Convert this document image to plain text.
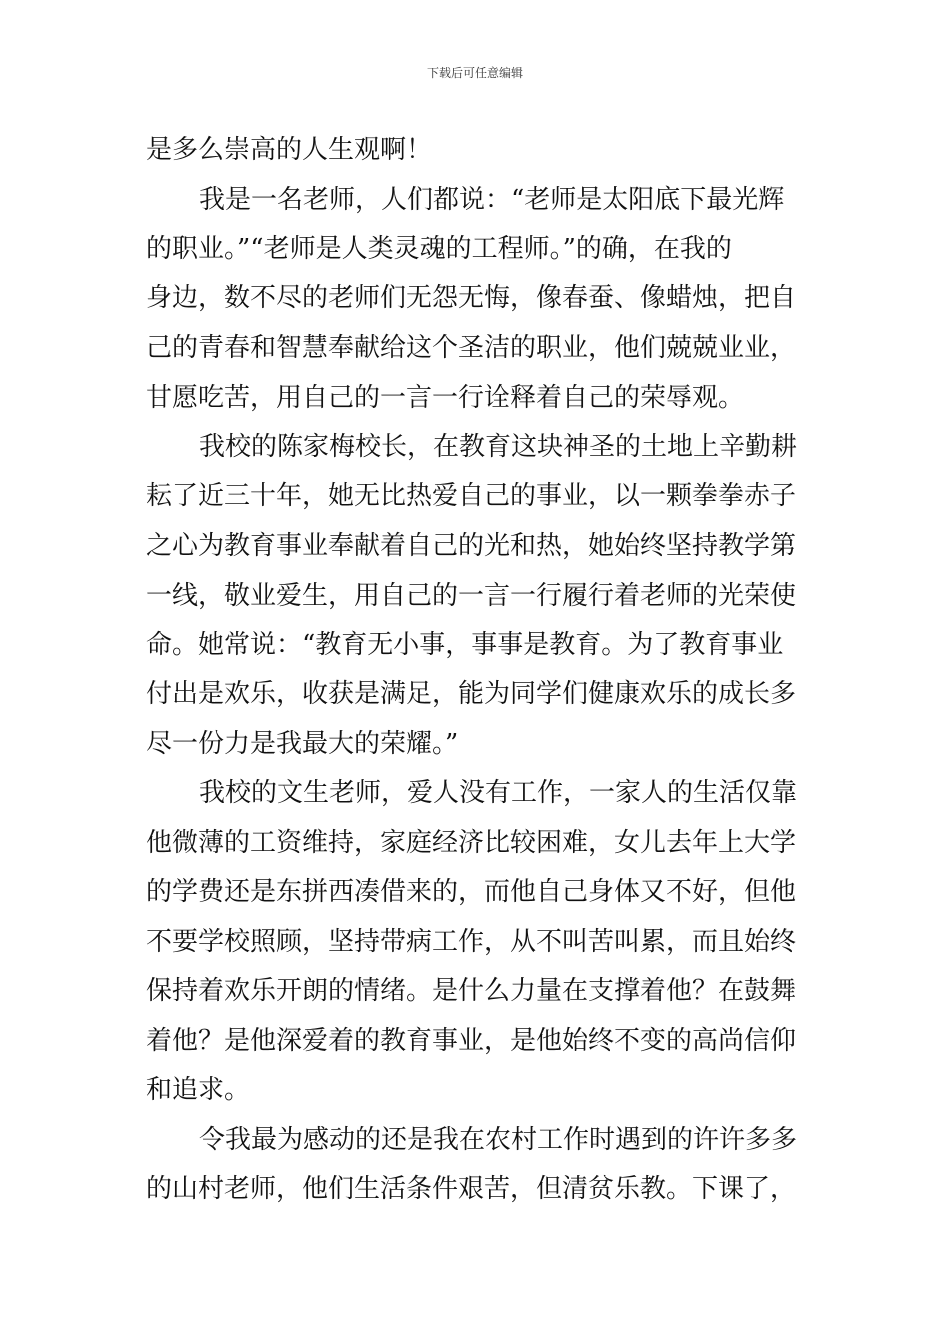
下载后可任意编辑
是多么崇高的人生观啊！
我是一名老师，人们都说：“老师是太阳底下最光辉
的职业。”“老师是人类灵魂的工程师。”的确，在我的
身边，数不尽的老师们无怨无悔，像春蚕、像蜡烛，把自
己的青春和智慧奉献给这个圣洁的职业，他们兢兢业业，
甘愿吃苦，用自己的一言一行诠释着自己的荣辱观。
我校的陈家梅校长，在教育这块神圣的土地上辛勤耕
耘了近三十年，她无比热爱自己的事业，以一颗拳拳赤子
之心为教育事业奉献着自己的光和热，她始终坚持教学第
一线，敬业爱生，用自己的一言一行履行着老师的光荣使
命。她常说：“教育无小事，事事是教育。为了教育事业
付出是欢乐，收获是满足，能为同学们健康欢乐的成长多
尽一份力是我最大的荣耀。”
我校的文生老师，爱人没有工作，一家人的生活仅靠
他微薄的工资维持，家庭经济比较困难，女儿去年上大学
的学费还是东拼西凑借来的，而他自己身体又不好，但他
不要学校照顾，坚持带病工作，从不叫苦叫累，而且始终
保持着欢乐开朗的情绪。是什么力量在支撑着他？在鼓舞
着他？是他深爱着的教育事业，是他始终不变的高尚信仰
和追求。
令我最为感动的还是我在农村工作时遇到的许许多多
的山村老师，他们生活条件艰苦，但清贫乐教。下课了，
